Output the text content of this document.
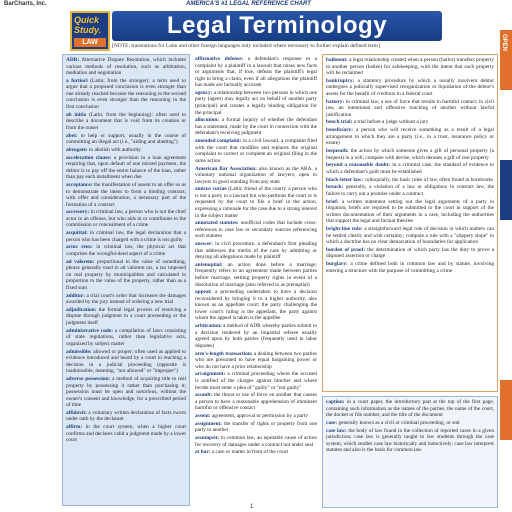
BarCharts, Inc.	AMERICA'S #1 LEGAL REFERENCE CHART
Quick Study.
LAW
Legal Terminology
OPEN
[NOTE: translations for Latin and other foreign languages only included where necessary to further explain defined term]
ADR: Alternative Dispute Resolution, which includes various methods of resolution, such as arbitration, mediation and negotiation
a fortiori (Latin; from the stronger): a term used to argue that a proposed conclusion is even stronger than one already reached because the reasoning in the second conclusion is even stronger than the reasoning in the first conclusion
ab initio (Latin; from the beginning): often used to describe a document that is void from its creation or from the outset
abet: to help or support, usually in the course of committing an illegal act (i.e., "aiding and abetting")
abrogate: to abolish with authority
acceleration clause: a provision in a loan agreement requiring that, upon default of one missed payment, the debtor is to pay off the entire balance of the loan, rather than pay each installment when due
acceptance: the manifestation of assent to an offer so as to demonstrate the intent to form a binding contract; with offer and consideration, a necessary part of the formation of a contract
accessory: in criminal law, a person who is not the chief actor in an offense, but who aids in or contributes to the commission or concealment of a crime
acquittal: in criminal law, the legal declaration that a person who has been charged with a crime is not guilty
actus reus: in criminal law, the physical act that comprises the wrongful-deed aspect of a crime
ad valorem: proportional to the value of something; phrase generally used in ad valorem tax, a tax imposed on real property by municipalities and calculated in proportion to the value of the property, rather than as a fixed sum
additur: a trial court's order that increases the damages awarded by the jury instead of ordering a new trial
adjudication: the formal legal process of resolving a dispute through judgment in a court proceeding or the judgment itself
administrative code: a compilation of laws consisting of state regulations, rather than legislative acts, organized by subject matter
admissible: allowed or proper; often used as applied to evidence introduced and heard by a court in reaching a decision in a judicial proceeding (opposite is inadmissible, meaning, "not allowed" or "improper")
adverse possession: a method of acquiring title to real property by possessing it rather than purchasing it; possession must be open and notorious, without the owner's consent and knowledge, for a prescribed period of time
affidavit: a voluntary written declaration of facts sworn under oath by the declarant
affirm: in the court system, when a higher court confirms and declares valid a judgment made by a lower court
affirmative defense: a defendant's response to a complaint by a plaintiff in a lawsuit that raises new facts or arguments that, if true, defeats the plaintiff's legal right to bring a claim, even if all allegations the plaintiff has made are factually accurate
agency: a relationship between two persons in which one party (agent) may legally act on behalf of another party (principal) and creates a legally binding obligation for the principal
allocution: a formal inquiry of whether the defendant has a statement, made by the court in connection with the defendant's receiving judgment
amended complaint: in a civil lawsuit, a complaint filed with the court that modifies and replaces the original complaint to correct or complete an original filing in the same action
American Bar Association: also known as the ABA, a voluntary national organization of lawyers; open to lawyers in good standing from any state
amicus curiae (Latin; friend of the court): a person who is not a party to a lawsuit but who petitions the court or is requested by the court to file a brief in the action, expressing a rationale for the case due to a strong interest in the subject matter
annotated statutes: unofficial codes that include cross-references to case law or secondary sources referencing such statutes
answer: in civil procedure, a defendant's first pleading that addresses the merits of the case by admitting or denying all allegations made by plaintiff
antenuptial: an action done before a marriage; frequently refers to an agreement made between parties before marriage, settling property rights in event of a dissolution of marriage (also referred to as prenuptial)
appeal: a proceeding undertaken to have a decision reconsidered by bringing it to a higher authority, also known as an appellate court; the party challenging the lower court's ruling is the appellant, the party against whom the appeal is taken is the appellee
arbitration: a method of ADR whereby parties submit to a decision rendered by an impartial referee usually agreed upon by both parties (frequently used in labor disputes)
arm's-length transaction: a dealing between two parties who are presumed to have equal bargaining power or who do not have a prior relationship
arraignment: a criminal proceeding where the accused is notified of the charges against him/her and where he/she must enter a plea of "guilty" or "not guilty"
assault: the threat or use of force on another that causes a person to have a reasonable apprehension of imminent harmful or offensive contact
assent: agreement, approval or permission by a party
assignment: the transfer of rights or property from one party to another
assumpsit: in common law, an equitable cause of action for recovery of damages under a contract not under seal
at bar: a case or matter in front of the court
bailment: a legal relationship created when a person (bailor) transfers property to another person (bailee) for safekeeping, with the intent that such property will be reclaimed
bankruptcy: a statutory procedure by which a usually insolvent debtor undergoes a judicially supervised reorganization or liquidation of the debtor's assets for the benefit of creditors in a federal court
battery: in criminal law, a use of force that results in harmful contact; in civil law, an intentional and offensive touching of another without lawful justification
bench trial: a trial before a judge without a jury
beneficiary: a person who will receive something as a result of a legal arrangement to which they are a party (i.e., in a trust, insurance policy or estate)
bequeath: the action by which someone gives a gift of personal property (a bequest) in a will; compare with devise, which denotes a gift of real property
beyond a reasonable doubt: in a criminal case, the standard of evidence to which a defendant's guilt must be established
black-letter law: colloquially, the basic rules of law, often found in hornbooks
breach: generally, a violation of a law or obligation; in contract law, the failure to carry out a promise under a contract
brief: a written statement setting out the legal arguments of a party in litigation; briefs are required to be submitted to the court in support of the written documentation of their arguments in a case, including the authorities that support the legal and factual theories
bright-line rule: a straightforward legal rule of decision in which matters can be settled clearly and with certainty; compare a rule with a "slippery slope" in which a doctrine has no clear demarcation of boundaries for application
burden of proof: the determination of which party has the duty to prove a disputed assertion or charge
burglary: a crime defined both in common law and by statute, involving entering a structure with the purpose of committing a crime
caption: in a court paper, the introductory part at the top of the first page, containing such information as the names of the parties, the name of the court, the docket or file number, and the title of the document
case: generally known as a civil or criminal proceeding, or suit
case law: the body of law found in the collection of reported cases in a given jurisdiction; case law is generally taught to law students through the case system, which studies case law historically and inductively; case law interprets statutes and also is the basis for common law
1
